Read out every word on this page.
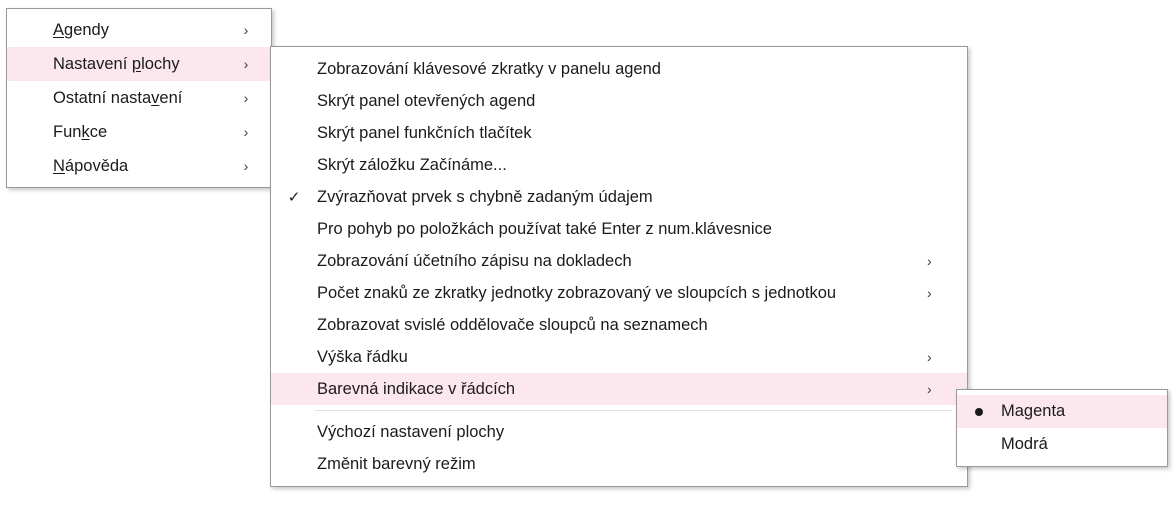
Agendy	›
Nastavení plochy	›
Ostatní nastavení	›
Funkce	›
Nápověda	›
Zobrazování klávesové zkratky v panelu agend
Skrýt panel otevřených agend
Skrýt panel funkčních tlačítek
Skrýt záložku Začínáme...
✓	Zvýrazňovat prvek s chybně zadaným údajem
Pro pohyb po položkách používat také Enter z num.klávesnice
Zobrazování účetního zápisu na dokladech	›
Počet znaků ze zkratky jednotky zobrazovaný ve sloupcích s jednotkou	›
Zobrazovat svislé oddělovače sloupců na seznamech
Výška řádku	›
Barevná indikace v řádcích	›
Výchozí nastavení plochy
Změnit barevný režim
Magenta
Modrá
